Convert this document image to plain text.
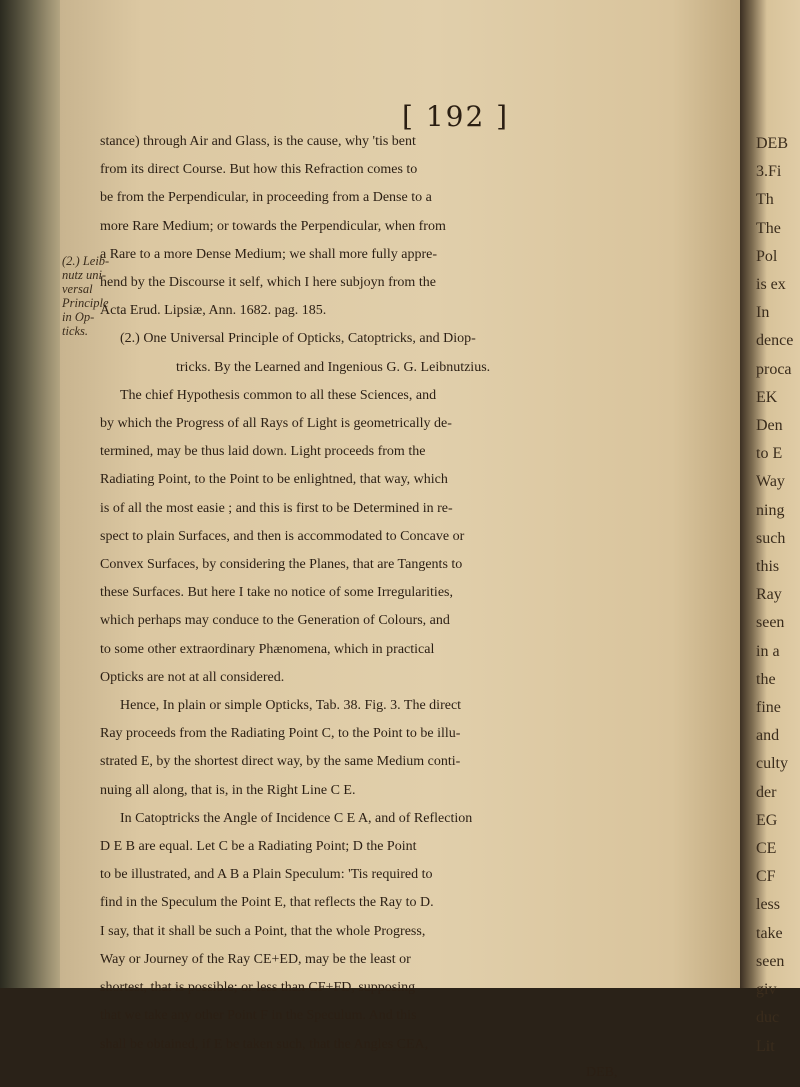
[ 192 ]
(2.) Leib-
nutz uni-
versal
Principle
in Op-
ticks.
stance) through Air and Glass, is the cause, why 'tis bent
from its direct Course. But how this Refraction comes to
be from the Perpendicular, in proceeding from a Dense to a
more Rare Medium; or towards the Perpendicular, when from
a Rare to a more Dense Medium; we shall more fully appre-
hend by the Discourse it self, which I here subjoyn from the
Acta Erud. Lipsiæ, Ann. 1682. pag. 185.
(2.) One Universal Principle of Opticks, Catoptricks, and Diop-
tricks. By the Learned and Ingenious G. G. Leibnutzius.
The chief Hypothesis common to all these Sciences, and
by which the Progress of all Rays of Light is geometrically de-
termined, may be thus laid down. Light proceeds from the
Radiating Point, to the Point to be enlightned, that way, which
is of all the most easie ; and this is first to be Determined in re-
spect to plain Surfaces, and then is accommodated to Concave or
Convex Surfaces, by considering the Planes, that are Tangents to
these Surfaces. But here I take no notice of some Irregularities,
which perhaps may conduce to the Generation of Colours, and
to some other extraordinary Phænomena, which in practical
Opticks are not at all considered.
Hence, In plain or simple Opticks, Tab. 38. Fig. 3. The direct
Ray proceeds from the Radiating Point C, to the Point to be illu-
strated E, by the shortest direct way, by the same Medium conti-
nuing all along, that is, in the Right Line C E.
In Catoptricks the Angle of Incidence C E A, and of Reflection
D E B are equal. Let C be a Radiating Point; D the Point
to be illustrated, and A B a Plain Speculum: 'Tis required to
find in the Speculum the Point E, that reflects the Ray to D.
I say, that it shall be such a Point, that the whole Progress,
Way or Journey of the Ray CE+ED, may be the least or
shortest, that is possible; or less than CF+FD, supposing
that we take any other Point F in the Speculum. And this
shall be obtained, if E be taken such, that the Angles CEA,
DEB,
DEB
3.Fi
Th
The
Pol
is ex
In
dence
proca
EK
Den
to E
Way
ning
such
this
Ray
seen
in a
the
fine
and
culty
der
EG
CE
CF
less
take
seen
giv
duc
Lit
